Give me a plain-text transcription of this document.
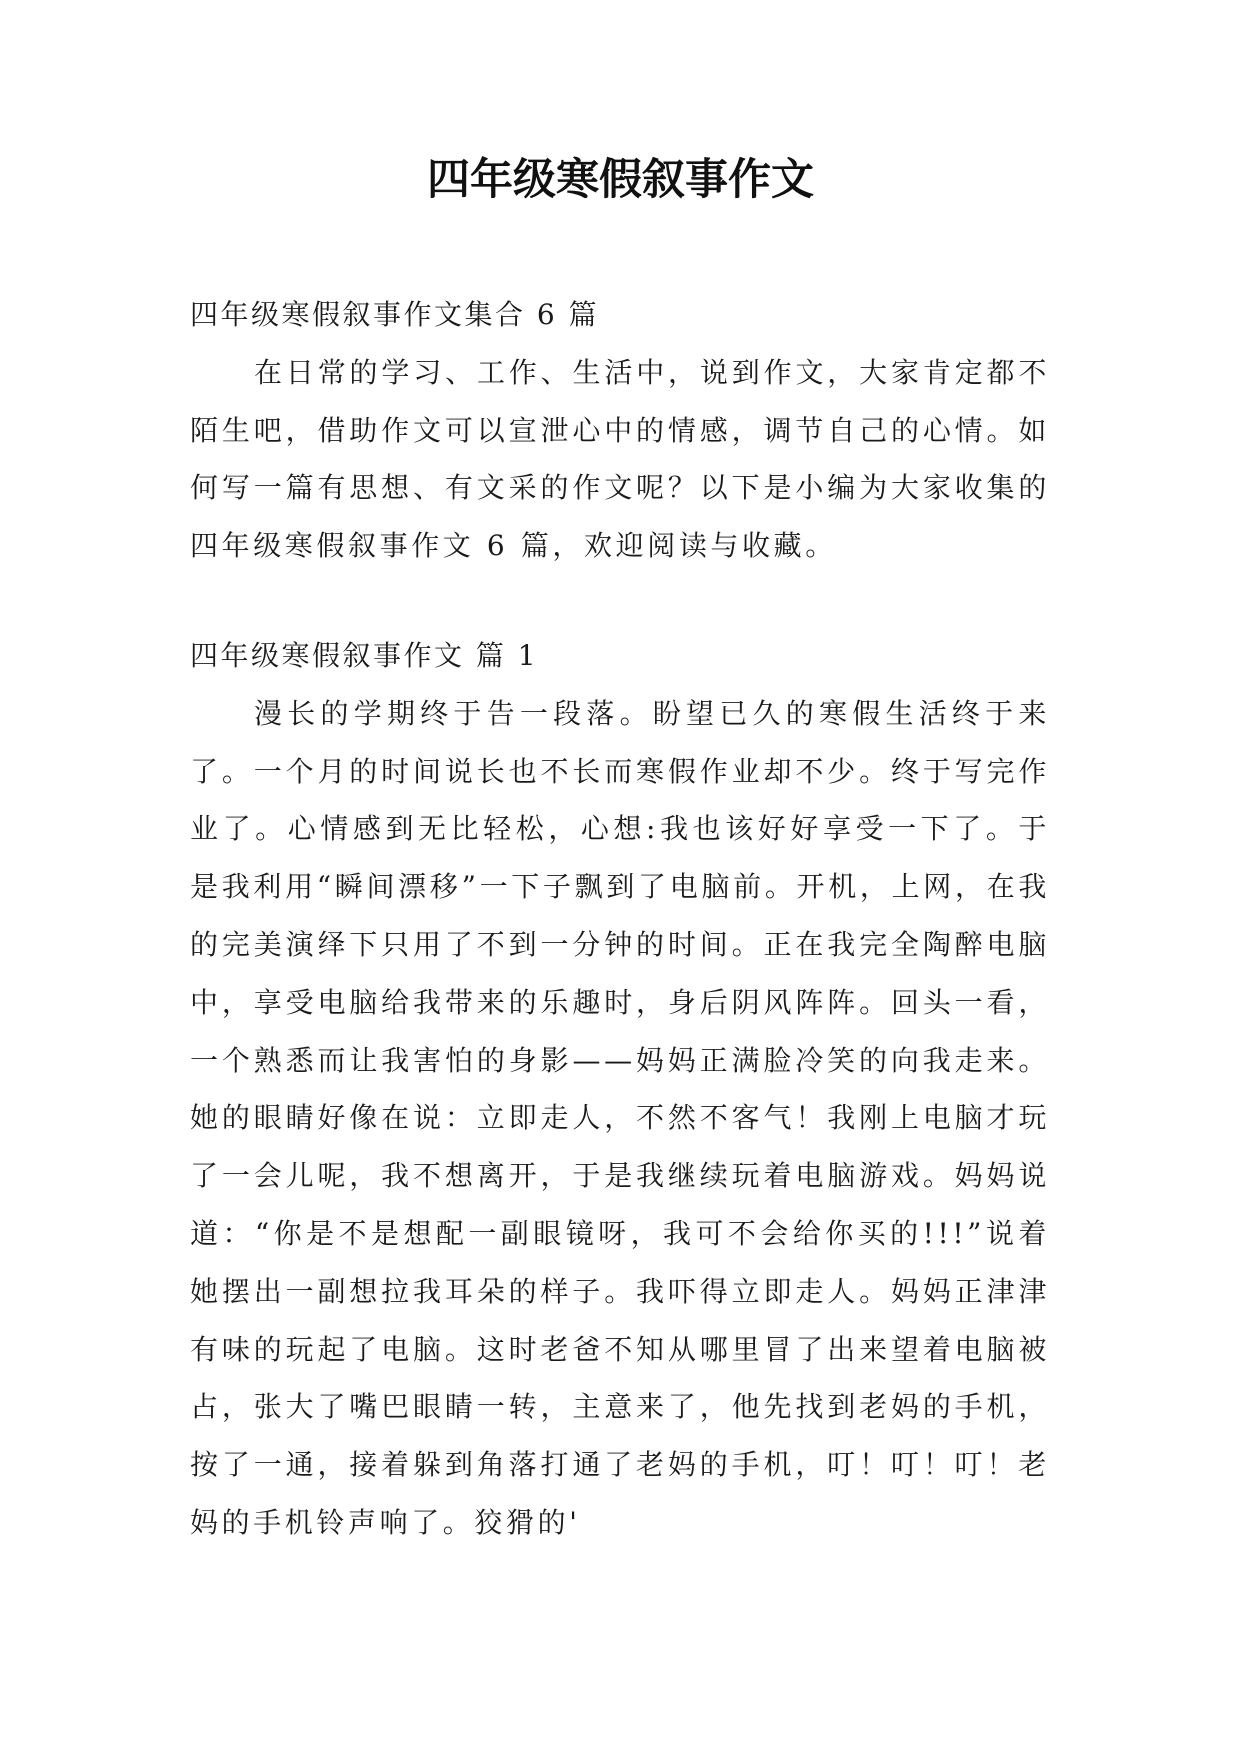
四年级寒假叙事作文

四年级寒假叙事作文集合 6 篇

在日常的学习、工作、生活中，说到作文，大家肯定都不陌生吧，借助作文可以宣泄心中的情感，调节自己的心情。如何写一篇有思想、有文采的作文呢？以下是小编为大家收集的四年级寒假叙事作文 6 篇，欢迎阅读与收藏。

四年级寒假叙事作文 篇 1

漫长的学期终于告一段落。盼望已久的寒假生活终于来了。一个月的时间说长也不长而寒假作业却不少。终于写完作业了。心情感到无比轻松，心想:我也该好好享受一下了。于是我利用“瞬间漂移”一下子飘到了电脑前。开机，上网，在我的完美演绎下只用了不到一分钟的时间。正在我完全陶醉电脑中，享受电脑给我带来的乐趣时，身后阴风阵阵。回头一看，一个熟悉而让我害怕的身影——妈妈正满脸冷笑的向我走来。她的眼睛好像在说：立即走人，不然不客气！我刚上电脑才玩了一会儿呢，我不想离开，于是我继续玩着电脑游戏。妈妈说道：“你是不是想配一副眼镜呀，我可不会给你买的!!!”说着她摆出一副想拉我耳朵的样子。我吓得立即走人。妈妈正津津有味的玩起了电脑。这时老爸不知从哪里冒了出来望着电脑被占，张大了嘴巴眼睛一转，主意来了，他先找到老妈的手机，按了一通，接着躲到角落打通了老妈的手机，叮！叮！叮！老妈的手机铃声响了。狡猾的'
